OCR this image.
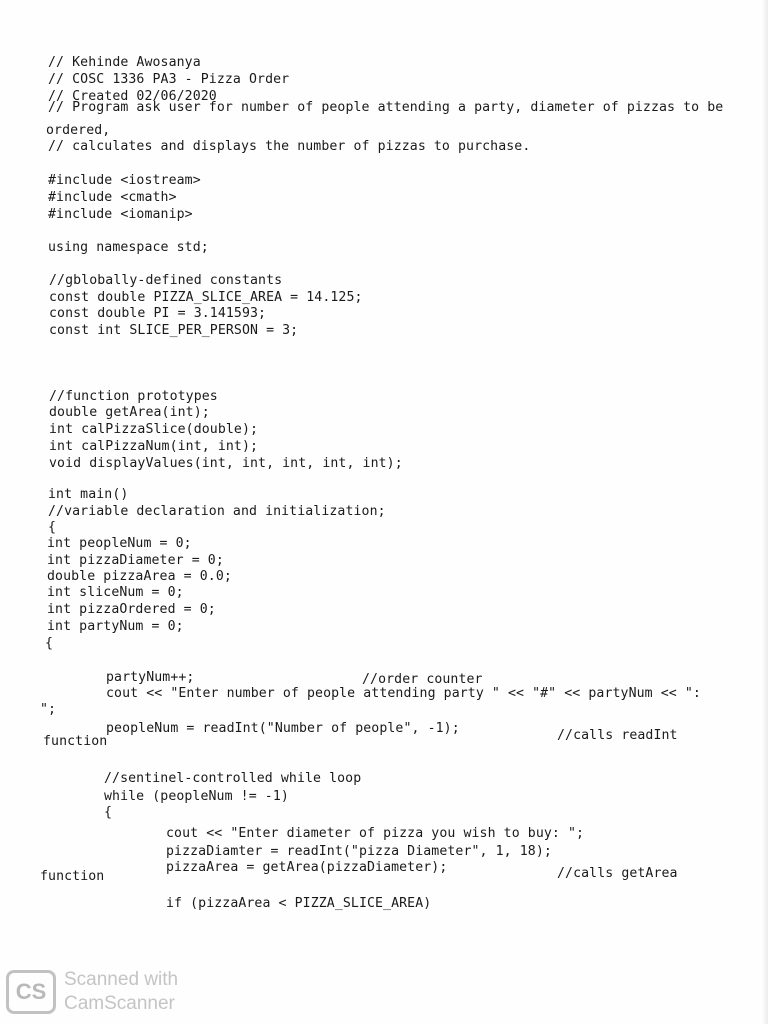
// Kehinde Awosanya
// COSC 1336 PA3 - Pizza Order
// Created 02/06/2020
// Program ask user for number of people attending a party, diameter of pizzas to be
ordered,
// calculates and displays the number of pizzas to purchase.
#include <iostream>
#include <cmath>
#include <iomanip>
using namespace std;
//gblobally-defined constants
const double PIZZA_SLICE_AREA = 14.125;
const double PI = 3.141593;
const int SLICE_PER_PERSON = 3;
//function prototypes
double getArea(int);
int calPizzaSlice(double);
int calPizzaNum(int, int);
void displayValues(int, int, int, int, int);
int main()
//variable declaration and initialization;
{
int peopleNum = 0;
int pizzaDiameter = 0;
double pizzaArea = 0.0;
int sliceNum = 0;
int pizzaOrdered = 0;
int partyNum = 0;
{
partyNum++;	//order counter
cout << "Enter number of people attending party " << "#" << partyNum << ":
";
peopleNum = readInt("Number of people", -1);	//calls readInt
function
//sentinel-controlled while loop
while (peopleNum != -1)
{
cout << "Enter diameter of pizza you wish to buy: ";
pizzaDiamter = readInt("pizza Diameter", 1, 18);
pizzaArea = getArea(pizzaDiameter);	//calls getArea
function
if (pizzaArea < PIZZA_SLICE_AREA)
CS Scanned with
CamScanner
